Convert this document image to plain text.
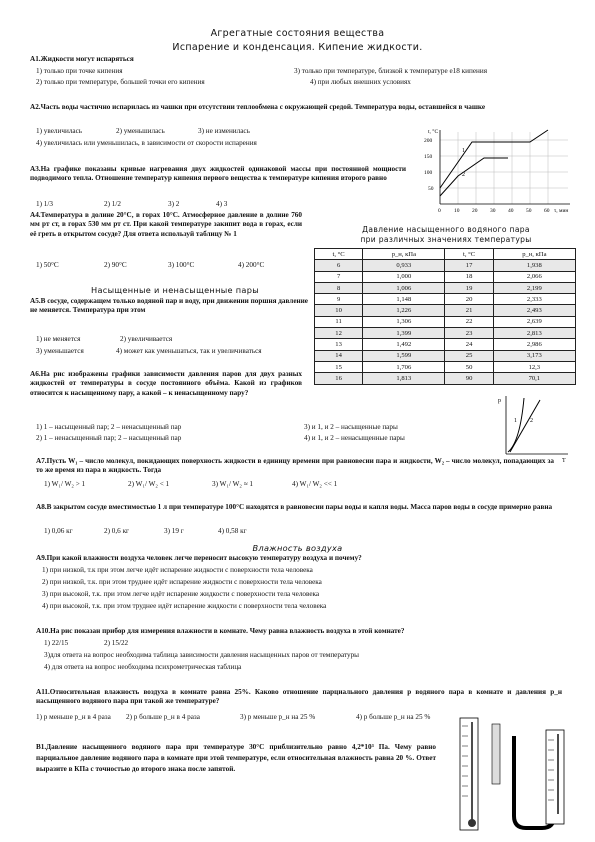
Агрегатные состояния вещества
Испарение и конденсация. Кипение жидкости.
А1.Жидкости могут испаряться
1) только при точке кипения	3) только при температуре, близкой к температуре е18 кипения
2) только при температуре, большей точки его кипения	4) при любых внешних условиях
А2.Часть воды частично испарилась из чашки при отсутствии теплообмена с окружающей средой. Температура воды, оставшейся в чашке
1) увеличилась	2) уменьшилась	3) не изменилась
4) увеличилась или уменьшилась, в зависимости от скорости испарения
t, °С
200
150
100
50
0 10 20 30 40 50 60 τ, мин
1
2
А3.На графике показаны кривые нагревания двух жидкостей одинаковой массы при постоянной мощности подводимого тепла. Отношение температур кипения первого вещества к температуре кипения второго равно
1) 1/3	2) 1/2	3) 2	4) 3
А4.Температура в долине 20°С, в горах 10°С. Атмосферное давление в долине 760 мм рт ст, в горах 530 мм рт ст. При какой температуре закипит вода в горах, если её греть в открытом сосуде? Для ответа используй таблицу № 1
1) 50°С	2) 90°С	3) 100°С	4) 200°С
Давление насыщенного водяного пара
при различных значениях температуры
t, °С	p_н, кПа	t, °С	p_н, кПа
6	0,933	17	1,938
7	1,000	18	2,066
8	1,006	19	2,199
9	1,148	20	2,333
10	1,226	21	2,493
11	1,306	22	2,639
12	1,399	23	2,813
13	1,492	24	2,986
14	1,599	25	3,173
15	1,706	50	12,3
16	1,813	90	70,1
Насыщенные и ненасыщенные пары
А5.В сосуде, содержащем только водяной пар и воду, при движении поршня давление не меняется. Температура при этом
1) не меняется	2) увеличивается
3) уменьшается	4) может как уменьшаться, так и увеличиваться
А6.На рис изображены графики зависимости давления паров для двух разных жидкостей от температуры в сосуде постоянного объёма. Какой из графиков относится к насыщенному пару, а какой – к ненасыщенному пару?
1) 1 – насыщенный пар; 2 – ненасыщенный пар	3) и 1, и 2 – насыщенные пары
2) 1 – ненасыщенный пар; 2 – насыщенный пар	4) и 1, и 2 – ненасыщенные пары
p
T
1 2
А7.Пусть W₁ – число молекул, покидающих поверхность жидкости в единицу времени при равновесии пара и жидкости, W₂ – число молекул, попадающих за то же время из пара в жидкость. Тогда
1) W₁/ W₂ > 1	2) W₁/ W₂ < 1	3) W₁/ W₂ ≈ 1	4) W₁/ W₂ << 1
А8.В закрытом сосуде вместимостью 1 л при температуре 100°С находятся в равновесии пары воды и капля воды. Масса паров воды в сосуде примерно равна
1) 0,06 кг	2) 0,6 кг	3) 19 г	4) 0,58 кг
Влажность воздуха
А9.При какой влажности воздуха человек легче переносит высокую температуру воздуха и почему?
1) при низкой, т.к при этом легче идёт испарение жидкости с поверхности тела человека
2) при низкой, т.к. при этом труднее идёт испарение жидкости с поверхности тела человека
3) при высокой, т.к. при этом легче идёт испарение жидкости с поверхности тела человека
4) при высокой, т.к. при этом труднее идёт испарение жидкости с поверхности тела человека
А10.На рис показан прибор для измерения влажности в комнате. Чему равна влажность воздуха в этой комнате?
1) 22/15	2) 15/22
3)для ответа на вопрос необходима таблица зависимости давления насыщенных паров от температуры
4) для ответа на вопрос необходима психрометрическая таблица
А11.Относительная влажность воздуха в комнате равна 25%. Каково отношение парциального давления р водяного пара в комнате и давления р_н насыщенного водяного пара при такой же температуре?
1) р меньше р_н в 4 раза 2) р больше р_н в 4 раза	3) р меньше р_н на 25 %	4) р больше р_н на 25 %
В1.Давление насыщенного водяного пара при температуре 30°С приблизительно равно 4,2*10³ Па. Чему равно парциальное давление водяного пара в комнате при этой температуре, если относительная влажность равна 20 %. Ответ выразите в КПа с точностью до второго знака после запятой.
